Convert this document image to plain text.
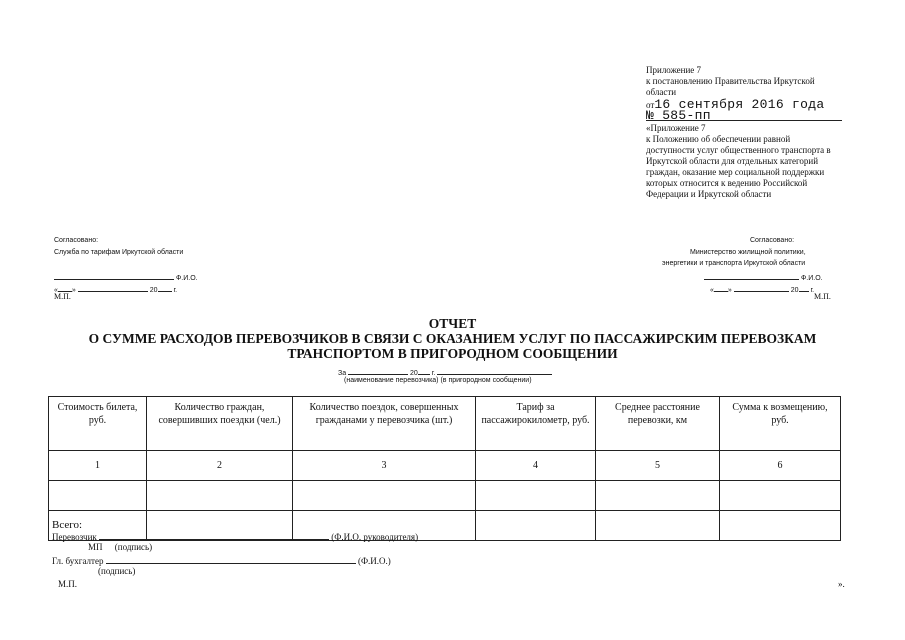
Приложение 7
к постановлению Правительства Иркутской
области
от16 сентября 2016 года
№ 585-пп
«Приложение 7
к Положению об обеспечении равной
доступности услуг общественного транспорта в
Иркутской области для отдельных категорий
граждан, оказание мер социальной поддержки
которых относится к ведению Российской
Федерации и Иркутской области
Согласовано:
Служба по тарифам Иркутской области
Ф.И.О.
« »	20 г.
М.П.
Согласовано:
Министерство жилищной политики,
энергетики и транспорта Иркутской области
Ф.И.О.
« »	20 г.
М.П.
ОТЧЕТ
О СУММЕ РАСХОДОВ ПЕРЕВОЗЧИКОВ В СВЯЗИ С ОКАЗАНИЕМ УСЛУГ ПО ПАССАЖИРСКИМ ПЕРЕВОЗКАМ
ТРАНСПОРТОМ В ПРИГОРОДНОМ СООБЩЕНИИ
За	20 г.
(наименование перевозчика) (в пригородном сообщении)
Стоимость билета, руб.	Количество граждан, совершивших поездки (чел.)	Количество поездок, совершенных гражданами у перевозчика (шт.)	Тариф за пассажирокилометр, руб.	Среднее расстояние перевозки, км	Сумма к возмещению, руб.
1	2	3	4	5	6

Всего:					
Перевозчик	(Ф.И.О. руководителя)
МП (подпись)
Гл. бухгалтер	(Ф.И.О.)
(подпись)
М.П.	».
